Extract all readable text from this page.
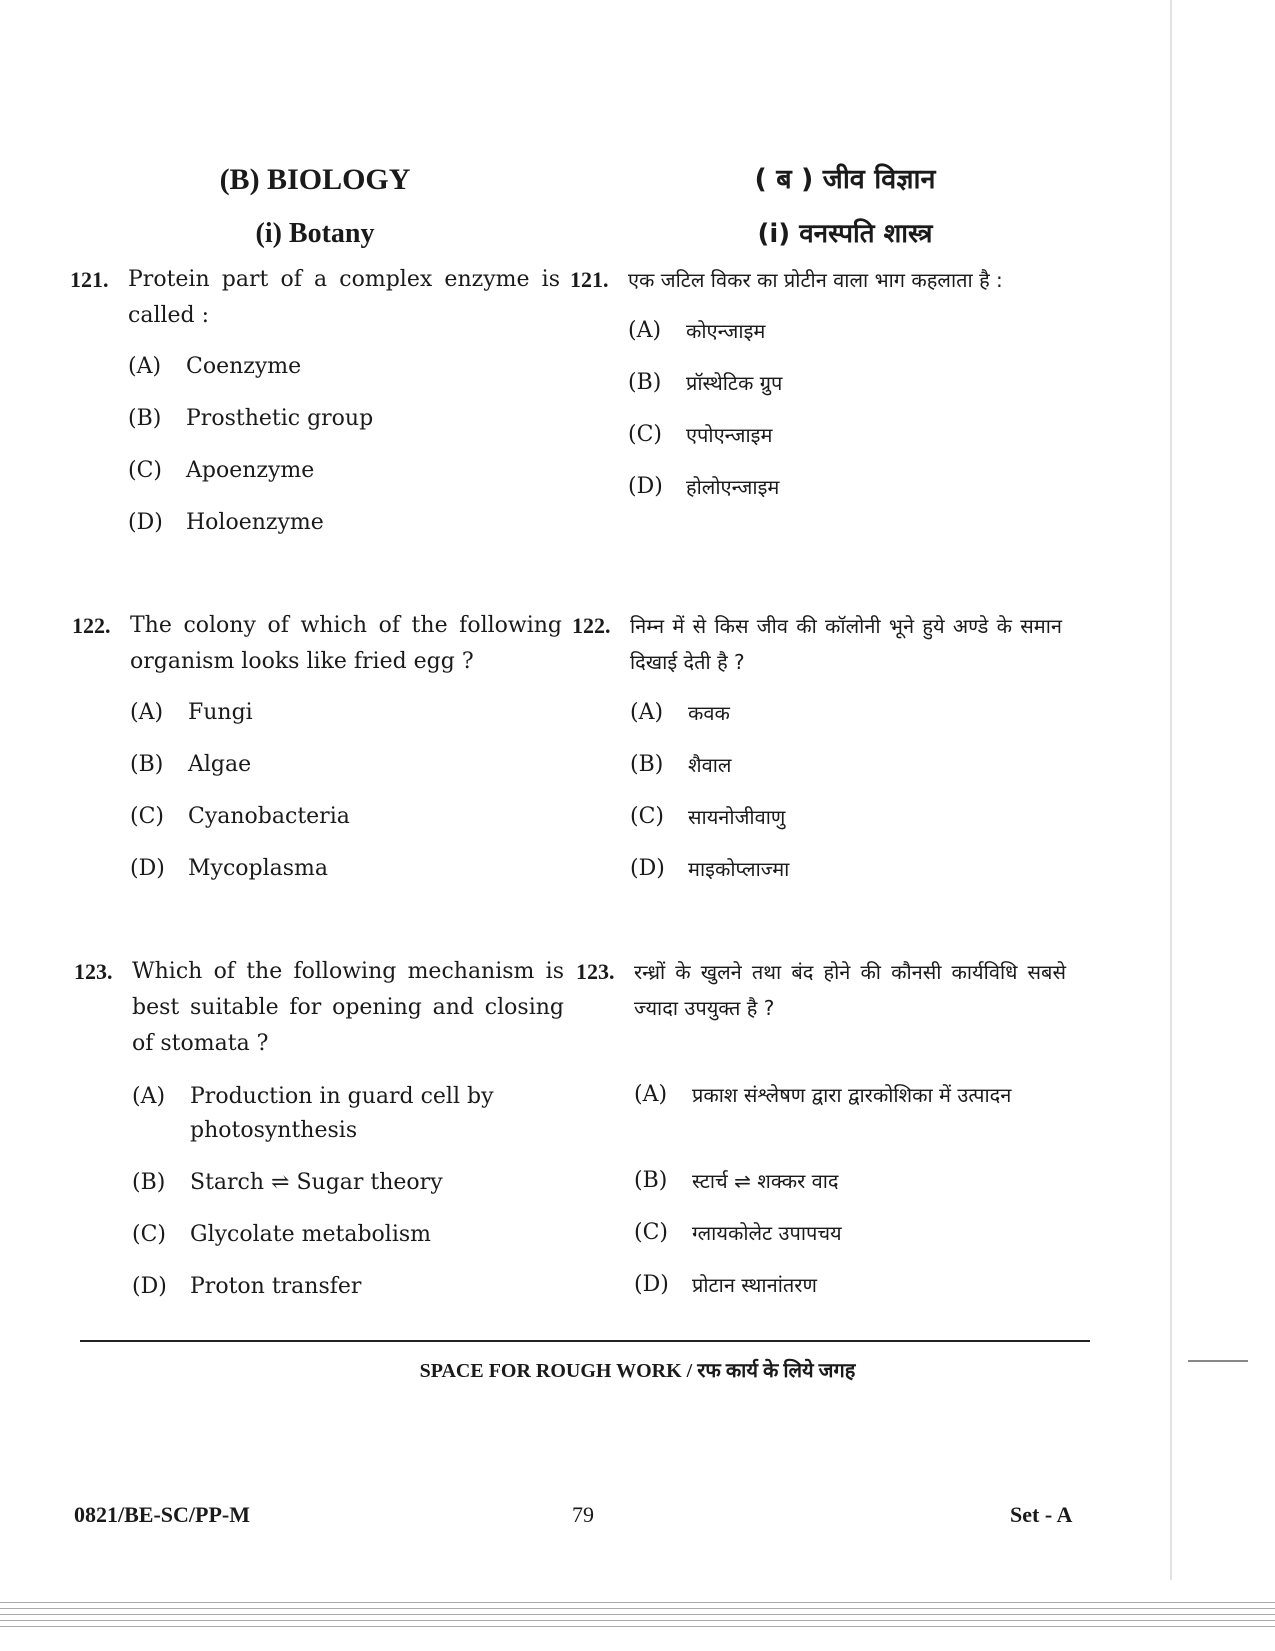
(B) BIOLOGY
(i) Botany
121. Protein part of a complex enzyme is called :
(A)	Coenzyme
(B)	Prosthetic group
(C)	Apoenzyme
(D)	Holoenzyme
122. The colony of which of the following organism looks like fried egg ?
(A)	Fungi
(B)	Algae
(C)	Cyanobacteria
(D)	Mycoplasma
123. Which of the following mechanism is best suitable for opening and closing of stomata ?
(A)	Production in guard cell by photosynthesis
(B)	Starch ⇌ Sugar theory
(C)	Glycolate metabolism
(D)	Proton transfer
( ब ) जीव विज्ञान
(i) वनस्पति शास्त्र
121. एक जटिल विकर का प्रोटीन वाला भाग कहलाता है :
(A)	कोएन्जाइम
(B)	प्रॉस्थेटिक ग्रुप
(C)	एपोएन्जाइम
(D)	होलोएन्जाइम
122. निम्न में से किस जीव की कॉलोनी भूने हुये अण्डे के समान दिखाई देती है ?
(A)	कवक
(B)	शैवाल
(C)	सायनोजीवाणु
(D)	माइकोप्लाज्मा
123. रन्ध्रों के खुलने तथा बंद होने की कौनसी कार्यविधि सबसे ज्यादा उपयुक्त है ?
(A)	प्रकाश संश्लेषण द्वारा द्वारकोशिका में उत्पादन
(B)	स्टार्च ⇌ शक्कर वाद
(C)	ग्लायकोलेट उपापचय
(D)	प्रोटान स्थानांतरण
SPACE FOR ROUGH WORK / रफ कार्य के लिये जगह
0821/BE-SC/PP-M	79	Set - A
